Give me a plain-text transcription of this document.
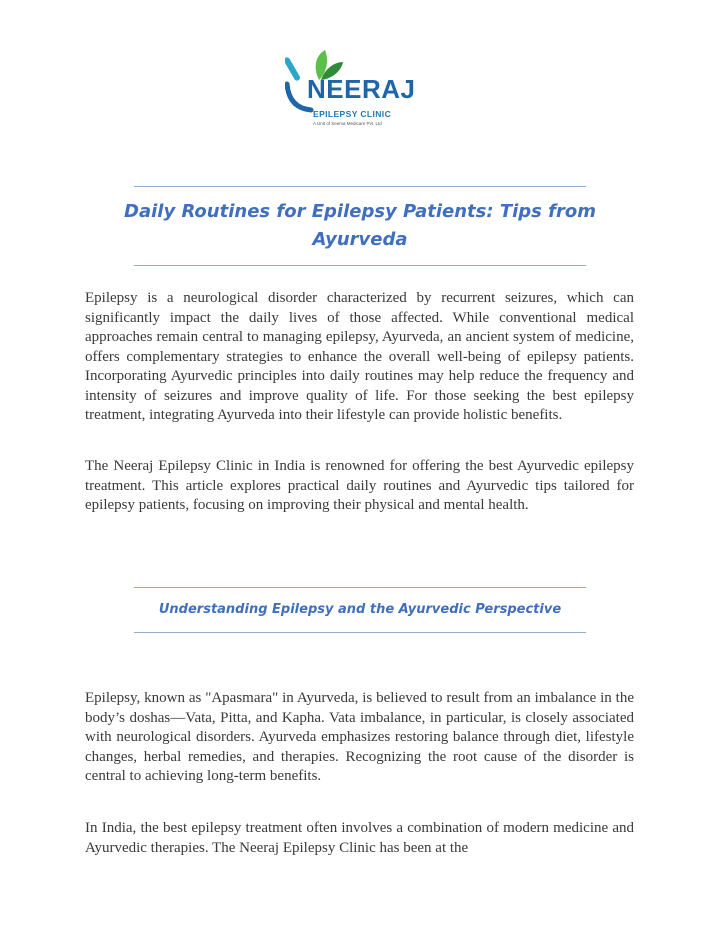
NEERAJ
EPILEPSY CLINIC
A Unit of Seema Medicare Pvt. Ltd
Daily Routines for Epilepsy Patients: Tips from Ayurveda

Epilepsy is a neurological disorder characterized by recurrent seizures, which can significantly impact the daily lives of those affected. While conventional medical approaches remain central to managing epilepsy, Ayurveda, an ancient system of medicine, offers complementary strategies to enhance the overall well-being of epilepsy patients. Incorporating Ayurvedic principles into daily routines may help reduce the frequency and intensity of seizures and improve quality of life. For those seeking the best epilepsy treatment, integrating Ayurveda into their lifestyle can provide holistic benefits.

The Neeraj Epilepsy Clinic in India is renowned for offering the best Ayurvedic epilepsy treatment. This article explores practical daily routines and Ayurvedic tips tailored for epilepsy patients, focusing on improving their physical and mental health.

Understanding Epilepsy and the Ayurvedic Perspective

Epilepsy, known as "Apasmara" in Ayurveda, is believed to result from an imbalance in the body’s doshas—Vata, Pitta, and Kapha. Vata imbalance, in particular, is closely associated with neurological disorders. Ayurveda emphasizes restoring balance through diet, lifestyle changes, herbal remedies, and therapies. Recognizing the root cause of the disorder is central to achieving long-term benefits.

In India, the best epilepsy treatment often involves a combination of modern medicine and Ayurvedic therapies. The Neeraj Epilepsy Clinic has been at the
